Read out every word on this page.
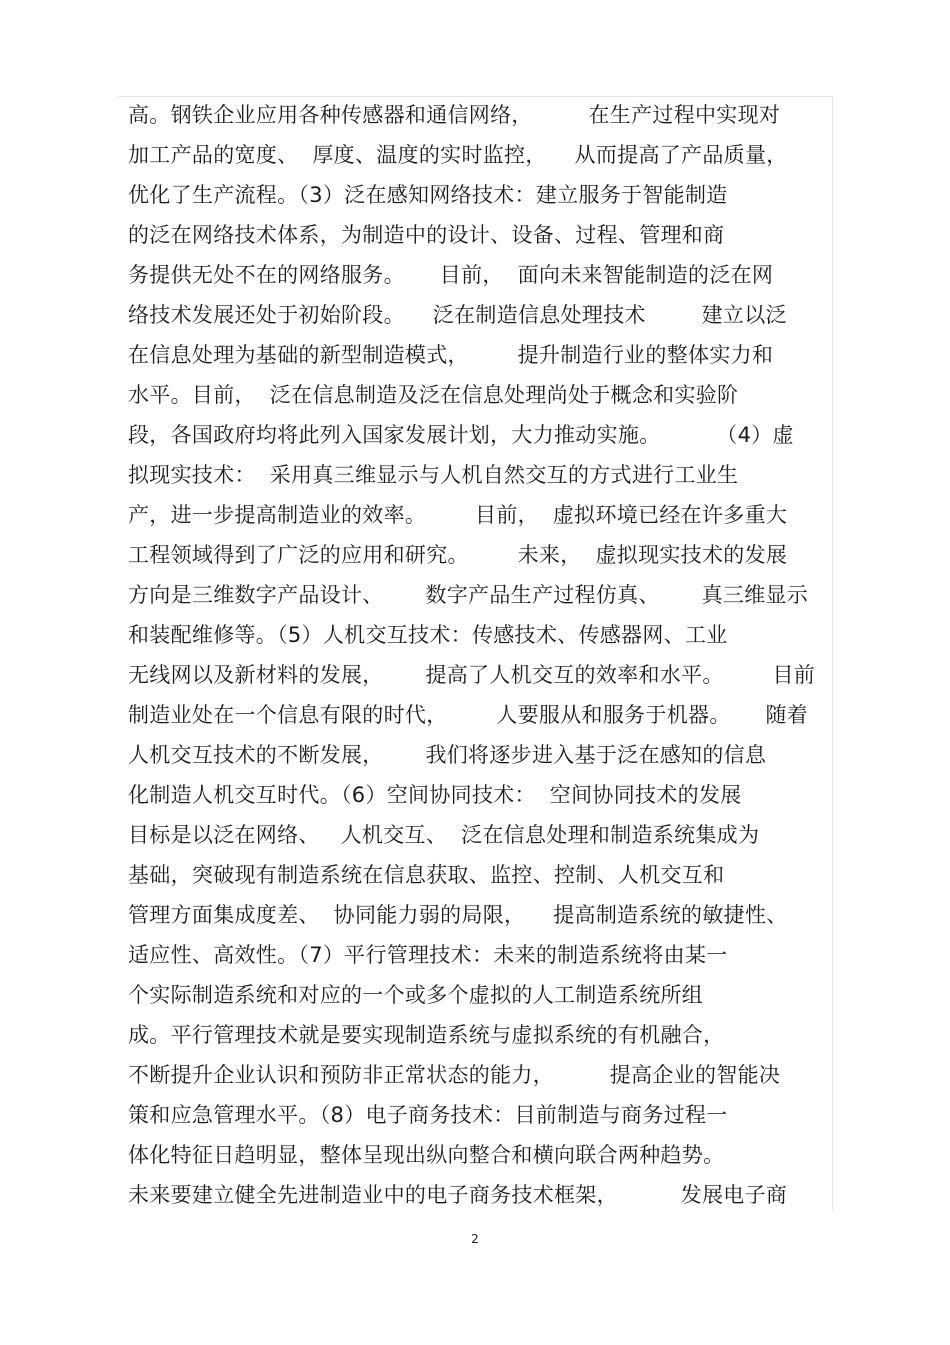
高。钢铁企业应用各种传感器和通信网络，        在生产过程中实现对
加工产品的宽度、  厚度、温度的实时监控，    从而提高了产品质量，
优化了生产流程。（3）泛在感知网络技术：建立服务于智能制造
的泛在网络技术体系，为制造中的设计、设备、过程、管理和商
务提供无处不在的网络服务。     目前，  面向未来智能制造的泛在网
络技术发展还处于初始阶段。    泛在制造信息处理技术        建立以泛
在信息处理为基础的新型制造模式，       提升制造行业的整体实力和
水平。目前，  泛在信息制造及泛在信息处理尚处于概念和实验阶
段，各国政府均将此列入国家发展计划，大力推动实施。        （4）虚
拟现实技术：  采用真三维显示与人机自然交互的方式进行工业生
产，进一步提高制造业的效率。       目前，  虚拟环境已经在许多重大
工程领域得到了广泛的应用和研究。       未来，  虚拟现实技术的发展
方向是三维数字产品设计、      数字产品生产过程仿真、      真三维显示
和装配维修等。（5）人机交互技术：传感技术、传感器网、工业
无线网以及新材料的发展，      提高了人机交互的效率和水平。       目前
制造业处在一个信息有限的时代，       人要服从和服务于机器。     随着
人机交互技术的不断发展，      我们将逐步进入基于泛在感知的信息
化制造人机交互时代。（6）空间协同技术：  空间协同技术的发展
目标是以泛在网络、   人机交互、  泛在信息处理和制造系统集成为
基础，突破现有制造系统在信息获取、监控、控制、人机交互和
管理方面集成度差、  协同能力弱的局限，    提高制造系统的敏捷性、
适应性、高效性。（7）平行管理技术：未来的制造系统将由某一
个实际制造系统和对应的一个或多个虚拟的人工制造系统所组
成。平行管理技术就是要实现制造系统与虚拟系统的有机融合，
不断提升企业认识和预防非正常状态的能力，        提高企业的智能决
策和应急管理水平。（8）电子商务技术：目前制造与商务过程一
体化特征日趋明显，整体呈现出纵向整合和横向联合两种趋势。
未来要建立健全先进制造业中的电子商务技术框架，         发展电子商
2
